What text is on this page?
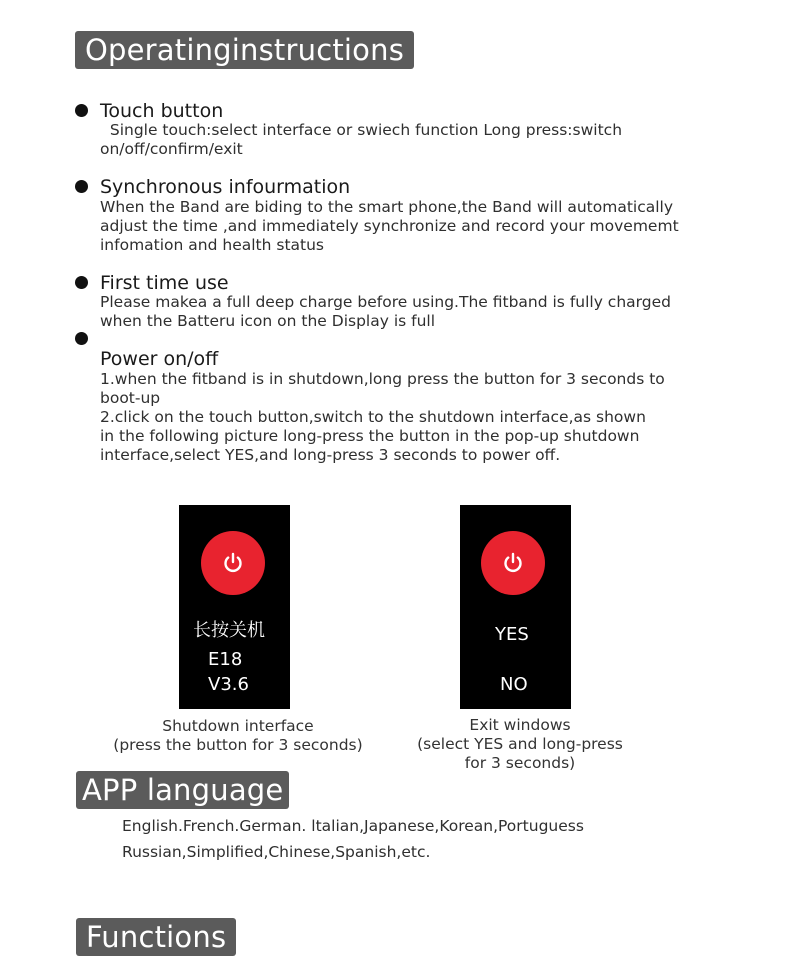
Operatinginstructions
Touch button
Single touch:select interface or swiech function Long press:switch
on/off/confirm/exit
Synchronous infourmation
When the Band are biding to the smart phone,the Band will automatically
adjust the time ,and immediately synchronize and record your movememt
infomation and health status
First time use
Please makea a full deep charge before using.The fitband is fully charged
when the Batteru icon on the Display is full
Power on/off
1.when the fitband is in shutdown,long press the button for 3 seconds to
boot-up
2.click on the touch button,switch to the shutdown interface,as shown
in the following picture long-press the button in the pop-up shutdown
interface,select YES,and long-press 3 seconds to power off.
长按关机
E18
V3.6
Shutdown interface
(press the button for 3 seconds)
YES
NO
Exit windows
(select YES and long-press
for 3 seconds)
APP language
English.French.German. ltalian,Japanese,Korean,Portuguess
Russian,Simplified,Chinese,Spanish,etc.
Functions
